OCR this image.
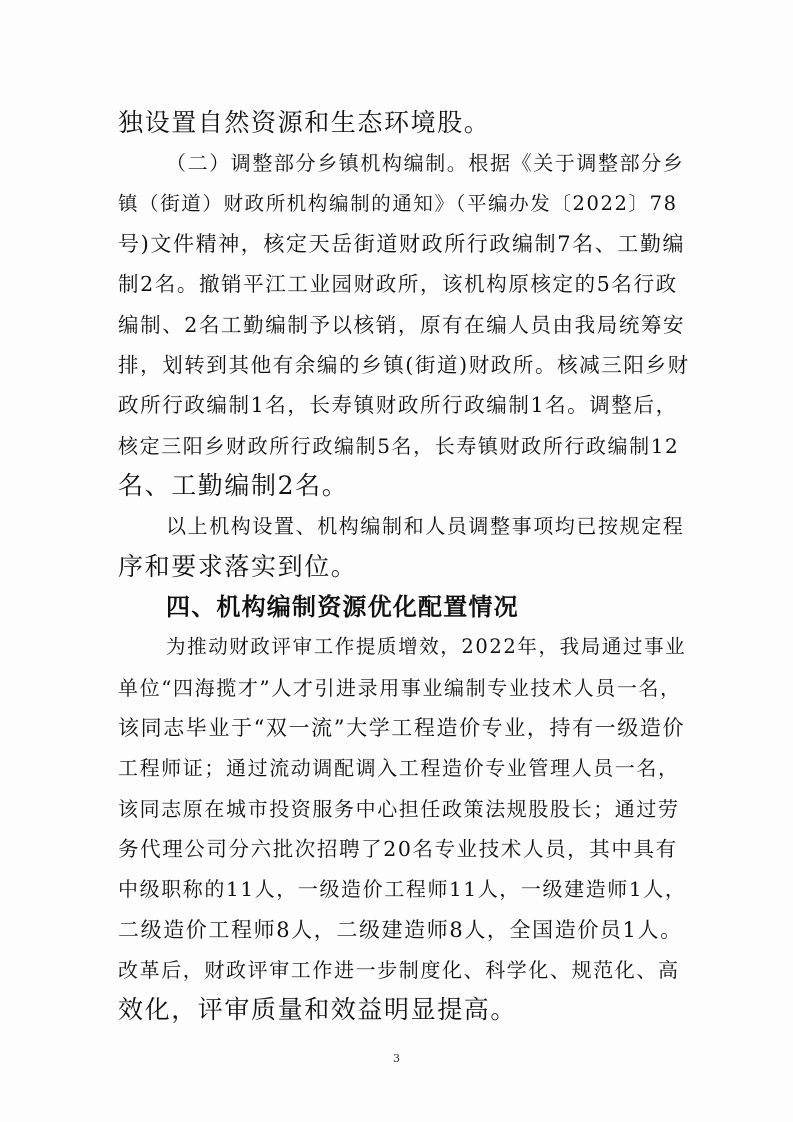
独设置自然资源和生态环境股。
（二）调整部分乡镇机构编制。根据《关于调整部分乡
镇（街道）财政所机构编制的通知》（平编办发〔2022〕78
号)文件精神，核定天岳街道财政所行政编制7名、工勤编
制2名。撤销平江工业园财政所，该机构原核定的5名行政
编制、2名工勤编制予以核销，原有在编人员由我局统筹安
排，划转到其他有余编的乡镇(街道)财政所。核减三阳乡财
政所行政编制1名，长寿镇财政所行政编制1名。调整后，
核定三阳乡财政所行政编制5名，长寿镇财政所行政编制12
名、工勤编制2名。
以上机构设置、机构编制和人员调整事项均已按规定程
序和要求落实到位。
四、机构编制资源优化配置情况
为推动财政评审工作提质增效，2022年，我局通过事业
单位“四海揽才”人才引进录用事业编制专业技术人员一名，
该同志毕业于“双一流”大学工程造价专业，持有一级造价
工程师证；通过流动调配调入工程造价专业管理人员一名，
该同志原在城市投资服务中心担任政策法规股股长；通过劳
务代理公司分六批次招聘了20名专业技术人员，其中具有
中级职称的11人，一级造价工程师11人，一级建造师1人，
二级造价工程师8人，二级建造师8人，全国造价员1人。
改革后，财政评审工作进一步制度化、科学化、规范化、高
效化，评审质量和效益明显提高。
3
